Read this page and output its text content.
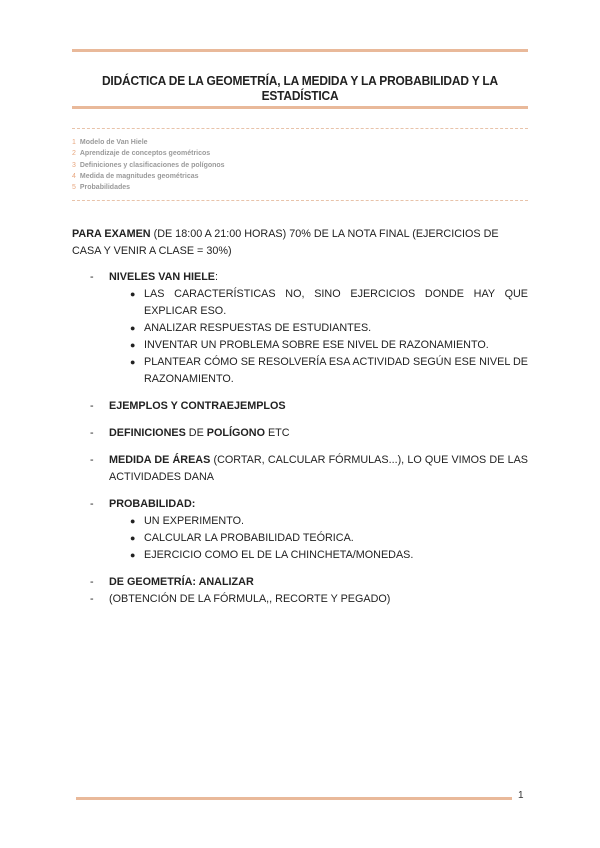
DIDÁCTICA DE LA GEOMETRÍA, LA MEDIDA Y LA PROBABILIDAD Y LA ESTADÍSTICA
1 Modelo de Van Hiele
2 Aprendizaje de conceptos geométricos
3 Definiciones y clasificaciones de polígonos
4 Medida de magnitudes geométricas
5 Probabilidades
PARA EXAMEN (DE 18:00 A 21:00 HORAS) 70% DE LA NOTA FINAL (EJERCICIOS DE CASA Y VENIR A CLASE = 30%)
- NIVELES VAN HIELE:
● LAS CARACTERÍSTICAS NO, SINO EJERCICIOS DONDE HAY QUE EXPLICAR ESO.
● ANALIZAR RESPUESTAS DE ESTUDIANTES.
● INVENTAR UN PROBLEMA SOBRE ESE NIVEL DE RAZONAMIENTO.
● PLANTEAR CÓMO SE RESOLVERÍA ESA ACTIVIDAD SEGÚN ESE NIVEL DE RAZONAMIENTO.
- EJEMPLOS Y CONTRAEJEMPLOS
- DEFINICIONES DE POLÍGONO ETC
- MEDIDA DE ÁREAS (CORTAR, CALCULAR FÓRMULAS...), LO QUE VIMOS DE LAS ACTIVIDADES DANA
- PROBABILIDAD:
● UN EXPERIMENTO.
● CALCULAR LA PROBABILIDAD TEÓRICA.
● EJERCICIO COMO EL DE LA CHINCHETA/MONEDAS.
- DE GEOMETRÍA: ANALIZAR
- (OBTENCIÓN DE LA FÓRMULA,, RECORTE Y PEGADO)
1
